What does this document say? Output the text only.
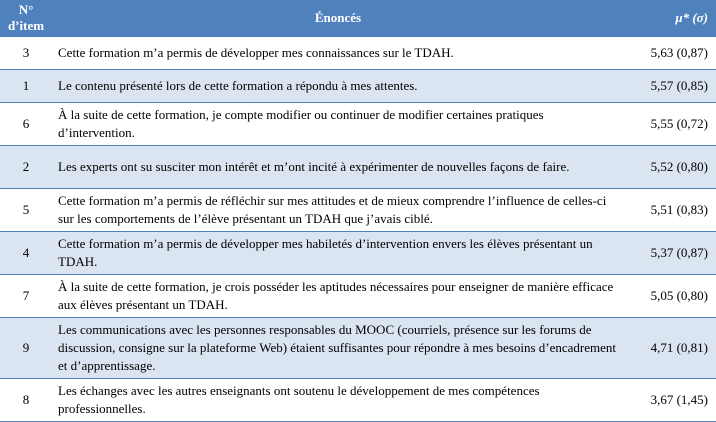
N° d’item	Énoncés	μ* (σ)
3	Cette formation m’a permis de développer mes connaissances sur le TDAH.	5,63 (0,87)
1	Le contenu présenté lors de cette formation a répondu à mes attentes.	5,57 (0,85)
6	À la suite de cette formation, je compte modifier ou continuer de modifier certaines pratiques d’intervention.	5,55 (0,72)
2	Les experts ont su susciter mon intérêt et m’ont incité à expérimenter de nouvelles façons de faire.	5,52 (0,80)
5	Cette formation m’a permis de réfléchir sur mes attitudes et de mieux comprendre l’influence de celles-ci sur les comportements de l’élève présentant un TDAH que j’avais ciblé.	5,51 (0,83)
4	Cette formation m’a permis de développer mes habiletés d’intervention envers les élèves présentant un TDAH.	5,37 (0,87)
7	À la suite de cette formation, je crois posséder les aptitudes nécessaires pour enseigner de manière efficace aux élèves présentant un TDAH.	5,05 (0,80)
9	Les communications avec les personnes responsables du MOOC (courriels, présence sur les forums de discussion, consigne sur la plateforme Web) étaient suffisantes pour répondre à mes besoins d’encadrement et d’apprentissage.	4,71 (0,81)
8	Les échanges avec les autres enseignants ont soutenu le développement de mes compétences professionnelles.	3,67 (1,45)
